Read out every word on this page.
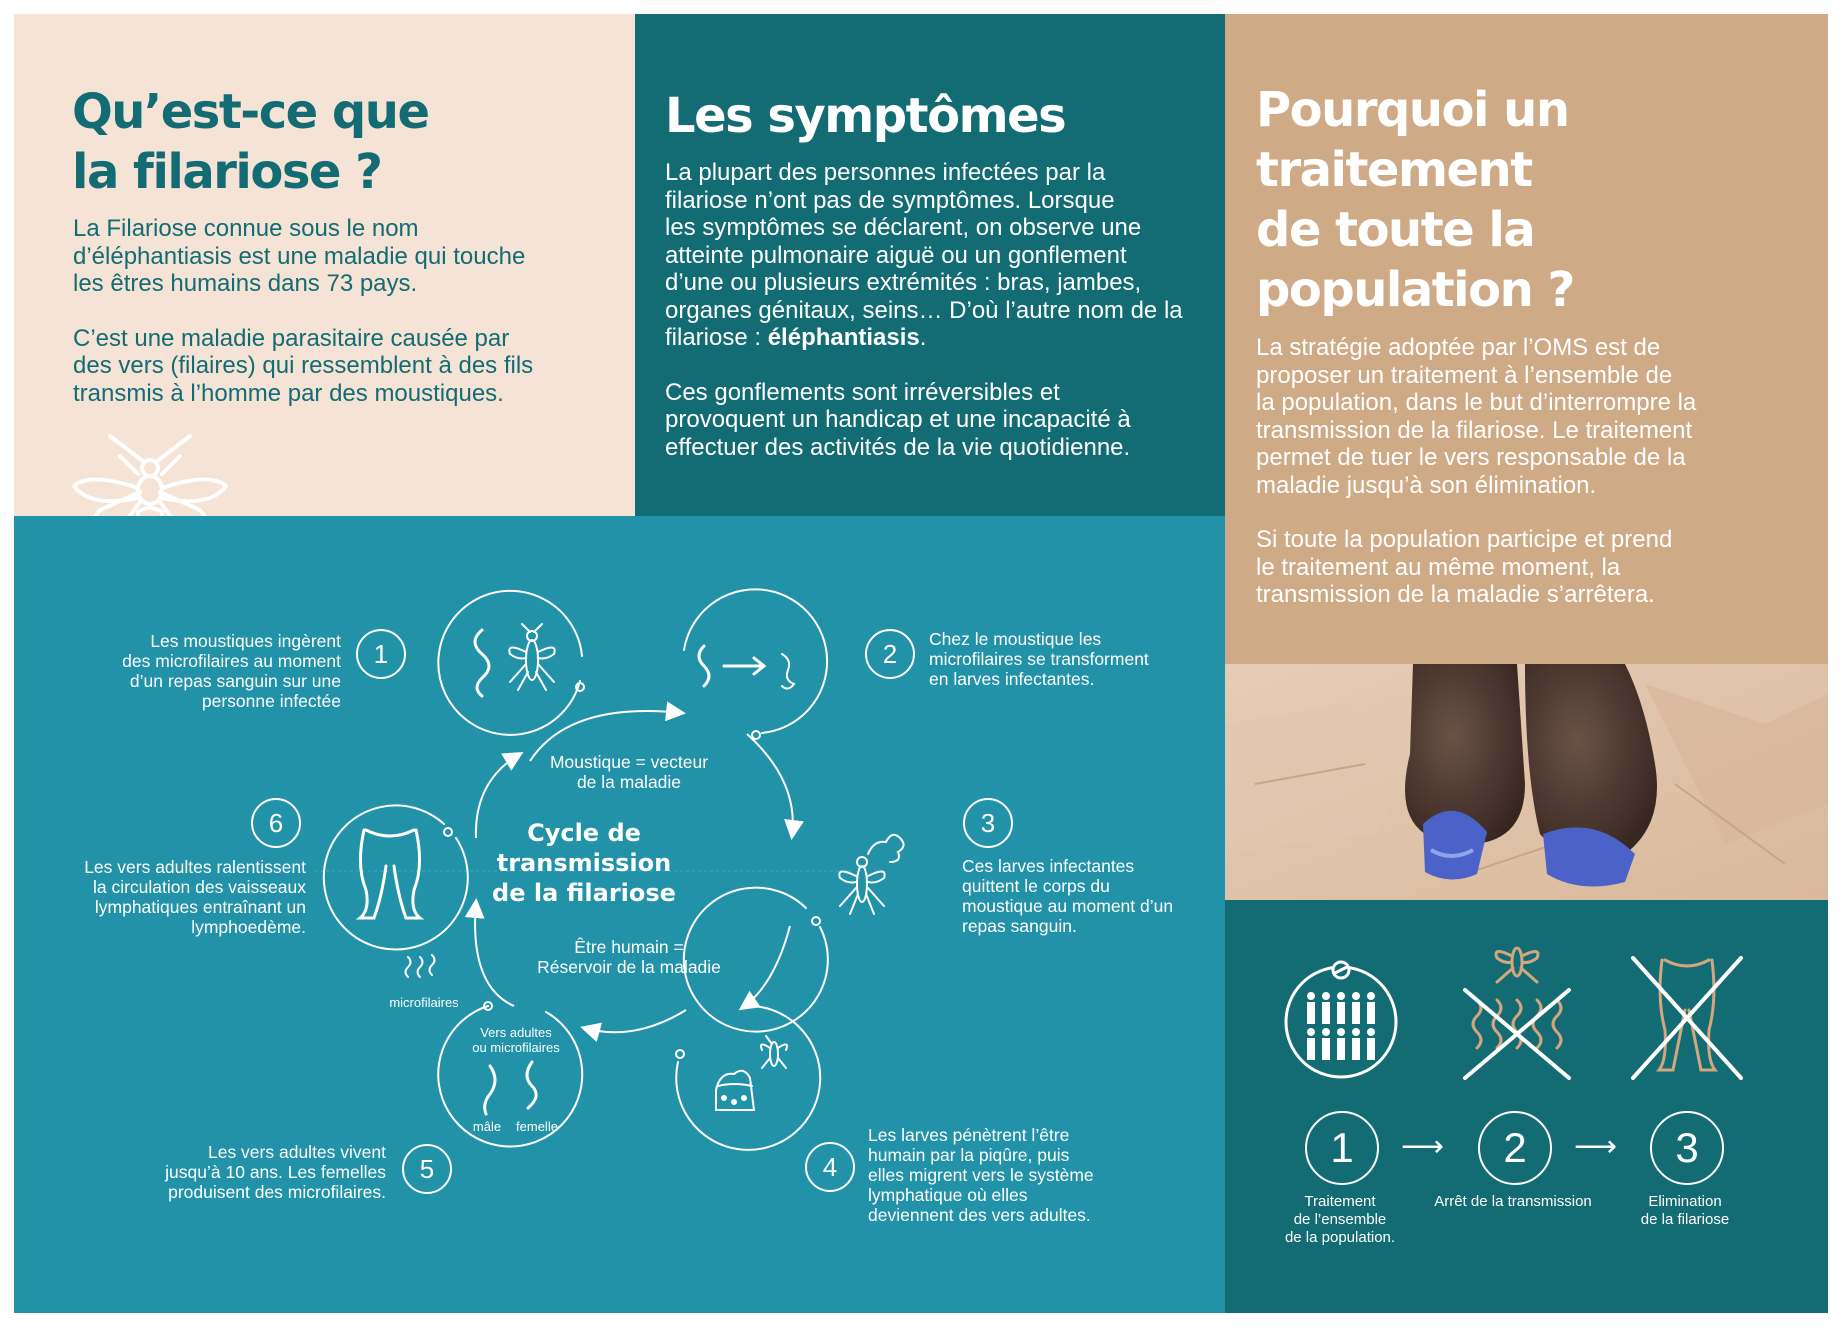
Qu’est-ce que
la filariose ?

La Filariose connue sous le nom
d’éléphantiasis est une maladie qui touche
les êtres humains dans 73 pays.

C’est une maladie parasitaire causée par
des vers (filaires) qui ressemblent à des fils
transmis à l’homme par des moustiques.

Les symptômes

La plupart des personnes infectées par la
filariose n’ont pas de symptômes. Lorsque
les symptômes se déclarent, on observe une
atteinte pulmonaire aiguë ou un gonflement
d’une ou plusieurs extrémités : bras, jambes,
organes génitaux, seins… D’où l’autre nom de la
filariose : éléphantiasis.

Ces gonflements sont irréversibles et
provoquent un handicap et une incapacité à
effectuer des activités de la vie quotidienne.

Pourquoi un
traitement
de toute la
population ?

La stratégie adoptée par l’OMS est de
proposer un traitement à l’ensemble de
la population, dans le but d’interrompre la
transmission de la filariose. Le traitement
permet de tuer le vers responsable de la
maladie jusqu’à son élimination.

Si toute la population participe et prend
le traitement au même moment, la
transmission de la maladie s’arrêtera.

1	⟶	2	⟶	3

Traitement
de l’ensemble
de la population.

Arrêt de la transmission	Elimination
de la filariose

Vers adultes
ou microfilaires

mâle	femelle

microfilaires

Moustique = vecteur
de la maladie

Cycle de
transmission
de la filariose

Être humain =
Réservoir de la maladie

1

Les moustiques ingèrent
des microfilaires au moment
d’un repas sanguin sur une
personne infectée

2	Chez le moustique les
microfilaires se transforment
en larves infectantes.

3

Ces larves infectantes
quittent le corps du
moustique au moment d’un
repas sanguin.

4

Les larves pénètrent l’être
humain par la piqûre, puis
elles migrent vers le système
lymphatique où elles
deviennent des vers adultes.

5

Les vers adultes vivent
jusqu’à 10 ans. Les femelles
produisent des microfilaires.

6

Les vers adultes ralentissent
la circulation des vaisseaux
lymphatiques entraînant un
lymphoedème.
